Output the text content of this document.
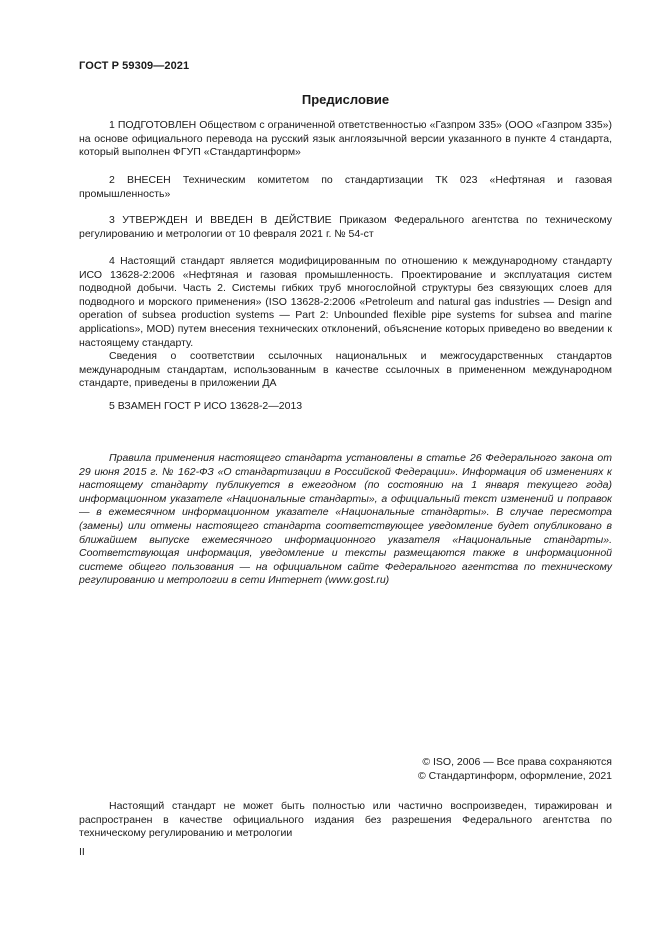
ГОСТ Р 59309—2021
Предисловие

1 ПОДГОТОВЛЕН Обществом с ограниченной ответственностью «Газпром 335» (ООО «Газпром 335») на основе официального перевода на русский язык англоязычной версии указанного в пункте 4 стандарта, который выполнен ФГУП «Стандартинформ»

2 ВНЕСЕН Техническим комитетом по стандартизации ТК 023 «Нефтяная и газовая промышленность»

3 УТВЕРЖДЕН И ВВЕДЕН В ДЕЙСТВИЕ Приказом Федерального агентства по техническому регулированию и метрологии от 10 февраля 2021 г. № 54-ст

4 Настоящий стандарт является модифицированным по отношению к международному стандарту ИСО 13628-2:2006 «Нефтяная и газовая промышленность. Проектирование и эксплуатация систем подводной добычи. Часть 2. Системы гибких труб многослойной структуры без связующих слоев для подводного и морского применения» (ISO 13628-2:2006 «Petroleum and natural gas industries — Design and operation of subsea production systems — Part 2: Unbounded flexible pipe systems for subsea and marine applications», MOD) путем внесения технических отклонений, объяснение которых приведено во введении к настоящему стандарту.

Сведения о соответствии ссылочных национальных и межгосударственных стандартов международным стандартам, использованным в качестве ссылочных в примененном международном стандарте, приведены в приложении ДА

5 ВЗАМЕН ГОСТ Р ИСО 13628-2—2013

Правила применения настоящего стандарта установлены в статье 26 Федерального закона от 29 июня 2015 г. № 162-ФЗ «О стандартизации в Российской Федерации». Информация об изменениях к настоящему стандарту публикуется в ежегодном (по состоянию на 1 января текущего года) информационном указателе «Национальные стандарты», а официальный текст изменений и поправок — в ежемесячном информационном указателе «Национальные стандарты». В случае пересмотра (замены) или отмены настоящего стандарта соответствующее уведомление будет опубликовано в ближайшем выпуске ежемесячного информационного указателя «Национальные стандарты». Соответствующая информация, уведомление и тексты размещаются также в информационной системе общего пользования — на официальном сайте Федерального агентства по техническому регулированию и метрологии в сети Интернет (www.gost.ru)

© ISO, 2006 — Все права сохраняются
© Стандартинформ, оформление, 2021

Настоящий стандарт не может быть полностью или частично воспроизведен, тиражирован и распространен в качестве официального издания без разрешения Федерального агентства по техническому регулированию и метрологии

II
